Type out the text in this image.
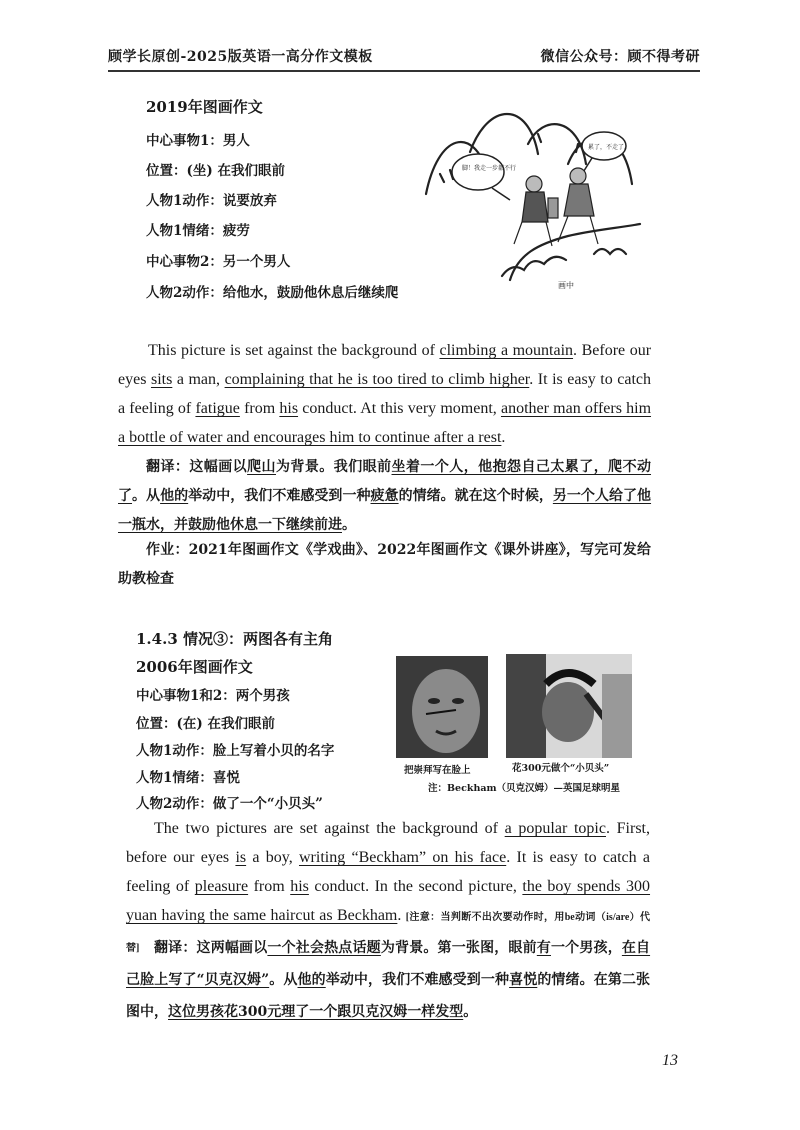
顾学长原创-2025版英语一高分作文模板	微信公众号：顾不得考研
2019年图画作文
中心事物1：男人
位置：(坐) 在我们眼前
人物1动作：说要放弃
人物1情绪：疲劳
中心事物2：另一个男人
人物2动作：给他水，鼓励他休息后继续爬
脚！我走一步都不行
累了，不走了。
画中
This picture is set against the background of climbing a mountain. Before our eyes sits a man, complaining that he is too tired to climb higher. It is easy to catch a feeling of fatigue from his conduct. At this very moment, another man offers him a bottle of water and encourages him to continue after a rest.
翻译：这幅画以爬山为背景。我们眼前坐着一个人，他抱怨自己太累了，爬不动了。从他的举动中，我们不难感受到一种疲惫的情绪。就在这个时候，另一个人给了他一瓶水，并鼓励他休息一下继续前进。
作业：2021年图画作文《学戏曲》、2022年图画作文《课外讲座》，写完可发给助教检查
1.4.3 情况③：两图各有主角
2006年图画作文
中心事物1和2：两个男孩
位置：(在) 在我们眼前
人物1动作：脸上写着小贝的名字
人物1情绪：喜悦
人物2动作：做了一个“小贝头”
把崇拜写在脸上	花300元做个“小贝头”
注：Beckham（贝克汉姆）—英国足球明星
The two pictures are set against the background of a popular topic. First, before our eyes is a boy, writing “Beckham” on his face. It is easy to catch a feeling of pleasure from his conduct. In the second picture, the boy spends 300 yuan having the same haircut as Beckham. [注意：当判断不出次要动作时，用be动词（is/are）代替]	翻译：这两幅画以一个社会热点话题为背景。第一张图，眼前有一个男孩，在自己脸上写了“贝克汉姆”。从他的举动中，我们不难感受到一种喜悦的情绪。在第二张图中，这位男孩花300元理了一个跟贝克汉姆一样发型。
13
